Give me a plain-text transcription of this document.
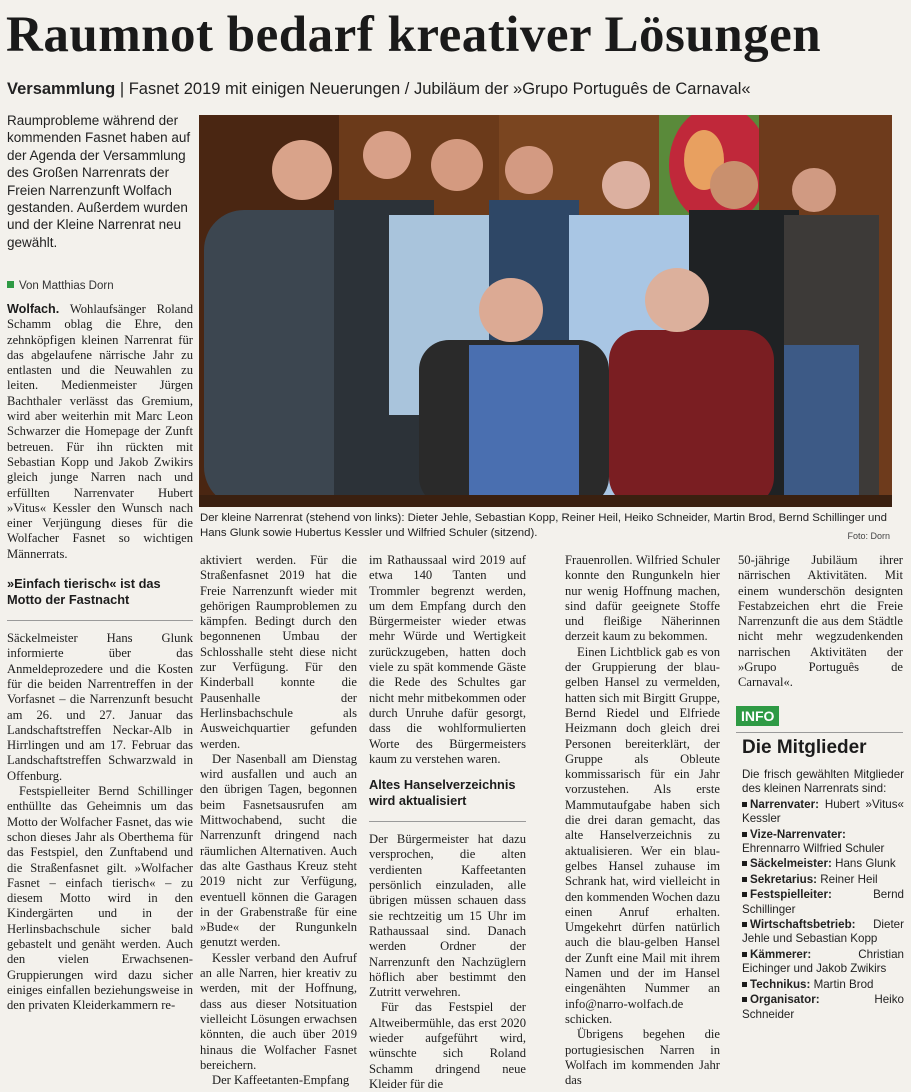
Raumnot bedarf kreativer Lösungen
Versammlung | Fasnet 2019 mit einigen Neuerungen / Jubiläum der »Grupo Português de Carnaval«
Raumprobleme während der kommenden Fasnet haben auf der Agenda der Versammlung des Großen Narrenrats der Freien Narrenzunft Wolfach gestanden. Außerdem wurden und der Kleine Narrenrat neu gewählt.
Von Matthias Dorn

Wolfach. Wohlaufsänger Roland Schamm oblag die Ehre, den zehnköpfigen kleinen Narrenrat für das abgelaufene närrische Jahr zu entlasten und die Neuwahlen zu leiten. Medienmeister Jürgen Bachthaler verlässt das Gremium, wird aber weiterhin mit Marc Leon Schwarzer die Homepage der Zunft betreuen. Für ihn rückten mit Sebastian Kopp und Jakob Zwikirs gleich junge Narren nach und erfüllten Narrenvater Hubert »Vitus« Kessler den Wunsch nach einer Verjüngung dieses für die Wolfacher Fasnet so wichtigen Männerrats.

»Einfach tierisch« ist das Motto der Fastnacht

Säckelmeister Hans Glunk informierte über das Anmeldeprozedere und die Kosten für die beiden Narrentreffen in der Vorfasnet – die Narrenzunft besucht am 26. und 27. Januar das Landschaftstreffen Neckar-Alb in Hirrlingen und am 17. Februar das Landschaftstreffen Schwarzwald in Offenburg.

Festspielleiter Bernd Schillinger enthüllte das Geheimnis um das Motto der Wolfacher Fasnet, das wie schon dieses Jahr als Oberthema für das Festspiel, den Zunftabend und die Straßenfasnet gilt. »Wolfacher Fasnet – einfach tierisch« – zu diesem Motto wird in den Kindergärten und in der Herlinsbachschule sicher bald gebastelt und genäht werden. Auch den vielen Erwachsenen-Gruppierungen wird dazu sicher einiges einfallen beziehungsweise in den privaten Kleiderkammern re-

Der kleine Narrenrat (stehend von links): Dieter Jehle, Sebastian Kopp, Reiner Heil, Heiko Schneider, Martin Brod, Bernd Schillinger und Hans Glunk sowie Hubertus Kessler und Wilfried Schuler (sitzend).	Foto: Dorn

aktiviert werden. Für die Straßenfasnet 2019 hat die Freie Narrenzunft wieder mit gehörigen Raumproblemen zu kämpfen. Bedingt durch den begonnenen Umbau der Schlosshalle steht diese nicht zur Verfügung. Für den Kinderball konnte die Pausenhalle der Herlinsbachschule als Ausweichquartier gefunden werden.

Der Nasenball am Dienstag wird ausfallen und auch an den übrigen Tagen, begonnen beim Fasnetsausrufen am Mittwochabend, sucht die Narrenzunft dringend nach räumlichen Alternativen. Auch das alte Gasthaus Kreuz steht 2019 nicht zur Verfügung, eventuell können die Garagen in der Grabenstraße für eine »Bude« der Rungunkeln genutzt werden.

Kessler verband den Aufruf an alle Narren, hier kreativ zu werden, mit der Hoffnung, dass aus dieser Notsituation vielleicht Lösungen erwachsen könnten, die auch über 2019 hinaus die Wolfacher Fasnet bereichern.

Der Kaffeetanten-Empfang

im Rathaussaal wird 2019 auf etwa 140 Tanten und Trommler begrenzt werden, um dem Empfang durch den Bürgermeister wieder etwas mehr Würde und Wertigkeit zurückzugeben, hatten doch viele zu spät kommende Gäste die Rede des Schultes gar nicht mehr mitbekommen oder durch Unruhe dafür gesorgt, dass die wohlformulierten Worte des Bürgermeisters kaum zu verstehen waren.

Altes Hanselverzeichnis wird aktualisiert

Der Bürgermeister hat dazu versprochen, die alten verdienten Kaffeetanten persönlich einzuladen, alle übrigen müssen schauen dass sie rechtzeitig um 15 Uhr im Rathaussaal sind. Danach werden Ordner der Narrenzunft den Nachzüglern höflich aber bestimmt den Zutritt verwehren.

Für das Festspiel der Altweibermühle, das erst 2020 wieder aufgeführt wird, wünschte sich Roland Schamm dringend neue Kleider für die

Frauenrollen. Wilfried Schuler konnte den Rungunkeln hier nur wenig Hoffnung machen, sind dafür geeignete Stoffe und fleißige Näherinnen derzeit kaum zu bekommen.

Einen Lichtblick gab es von der Gruppierung der blau-gelben Hansel zu vermelden, hatten sich mit Birgitt Gruppe, Bernd Riedel und Elfriede Heizmann doch gleich drei Personen bereiterklärt, der Gruppe als Obleute kommissarisch für ein Jahr vorzustehen. Als erste Mammutaufgabe haben sich die drei daran gemacht, das alte Hanselverzeichnis zu aktualisieren. Wer ein blau-gelbes Hansel zuhause im Schrank hat, wird vielleicht in den kommenden Wochen dazu einen Anruf erhalten. Umgekehrt dürfen natürlich auch die blau-gelben Hansel der Zunft eine Mail mit ihrem Namen und der im Hansel eingenähten Nummer an info@narro-wolfach.de schicken.

Übrigens begehen die portugiesischen Narren in Wolfach im kommenden Jahr das

50-jährige Jubiläum ihrer närrischen Aktivitäten. Mit einem wunderschön designten Festabzeichen ehrt die Freie Narrenzunft die aus dem Städtle nicht mehr wegzudenkenden narrischen Aktivitäten der »Grupo Português de Carnaval«.

INFO
Die Mitglieder
Die frisch gewählten Mitglieder des kleinen Narrenrats sind:
Narrenvater: Hubert »Vitus« Kessler
Vize-Narrenvater: Ehrennarro Wilfried Schuler
Säckelmeister: Hans Glunk
Sekretarius: Reiner Heil
Festspielleiter:	Bernd Schillinger
Wirtschaftsbetrieb: Dieter Jehle und Sebastian Kopp
Kämmerer:	Christian Eichinger und Jakob Zwikirs
Technikus: Martin Brod
Organisator:	Heiko Schneider
